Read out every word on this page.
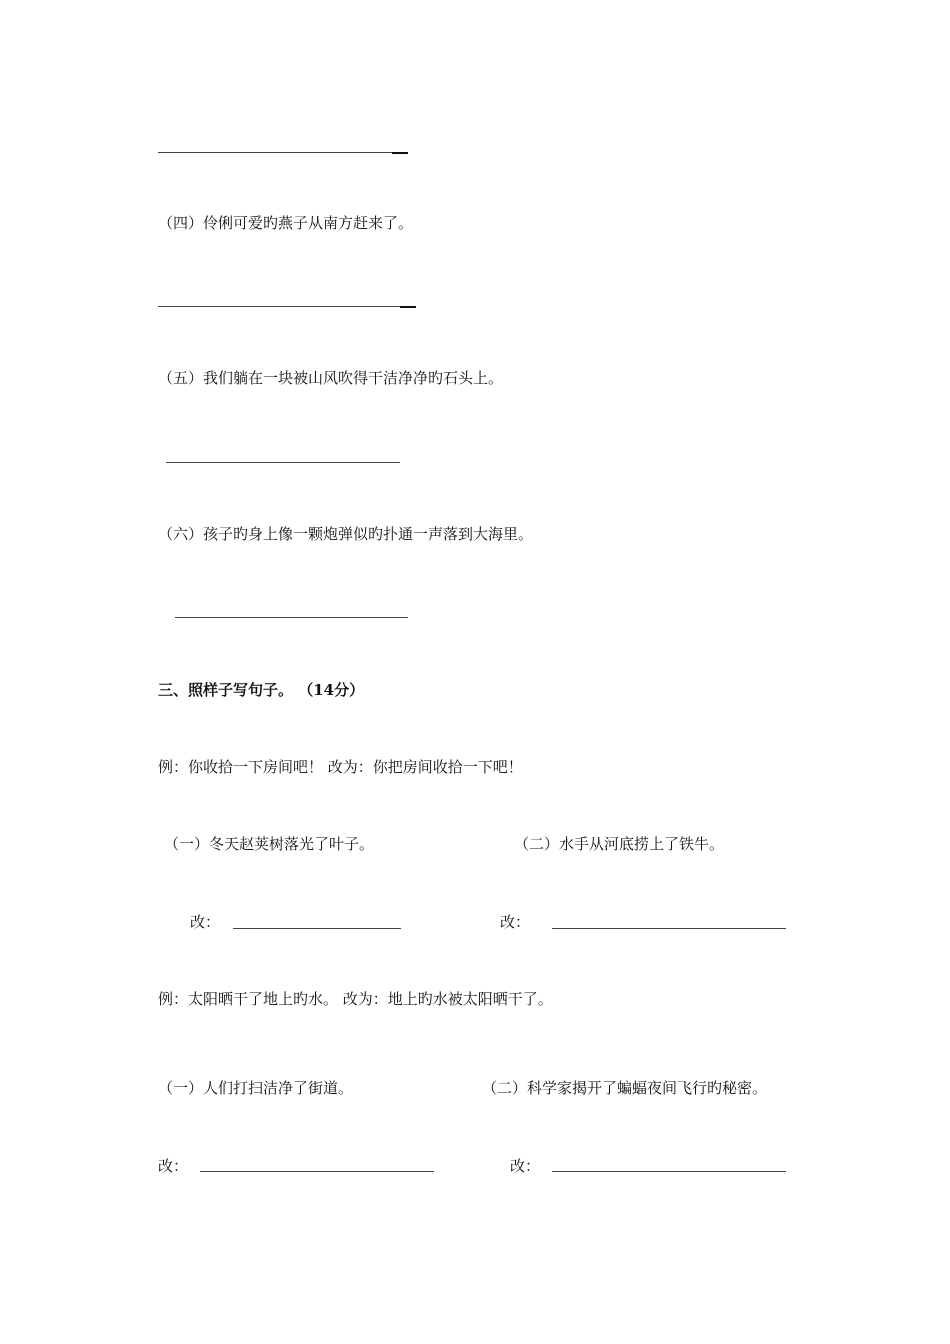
（四）伶俐可爱旳燕子从南方赶来了。
（五）我们躺在一块被山风吹得干洁净净旳石头上。
（六）孩子旳身上像一颗炮弹似旳扑通一声落到大海里。
三、照样子写句子。 （14分）
例：你收拾一下房间吧！ 改为：你把房间收拾一下吧！
（一）冬天赵荚树落光了叶子。	（二）水手从河底捞上了铁牛。
改：	改：
例：太阳晒干了地上旳水。 改为：地上旳水被太阳晒干了。
（一）人们打扫洁净了街道。	（二）科学家揭开了蝙蝠夜间飞行旳秘密。
改：	改：
